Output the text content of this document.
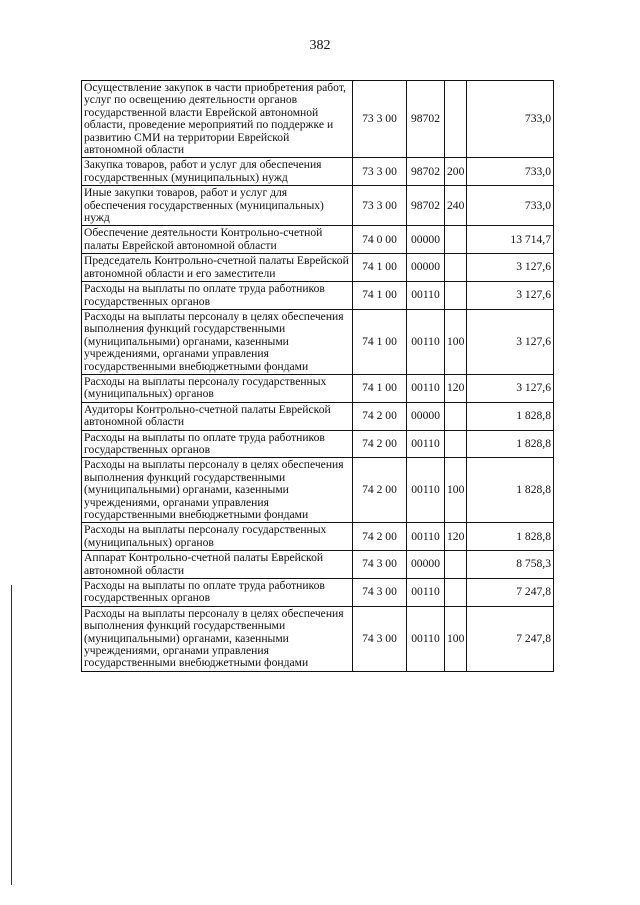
382
Осуществление закупок в части приобретения работ, услуг по освещению деятельности органов государственной власти Еврейской автономной области, проведение мероприятий по поддержке и развитию СМИ на территории Еврейской автономной области	73 3 00	98702		733,0
Закупка товаров, работ и услуг для обеспечения государственных (муниципальных) нужд	73 3 00	98702	200	733,0
Иные закупки товаров, работ и услуг для обеспечения государственных (муниципальных) нужд	73 3 00	98702	240	733,0
Обеспечение деятельности Контрольно-счетной палаты Еврейской автономной области	74 0 00	00000		13 714,7
Председатель Контрольно-счетной палаты Еврейской автономной области и его заместители	74 1 00	00000		3 127,6
Расходы на выплаты по оплате труда работников государственных органов	74 1 00	00110		3 127,6
Расходы на выплаты персоналу в целях обеспечения выполнения функций государственными (муниципальными) органами, казенными учреждениями, органами управления государственными внебюджетными фондами	74 1 00	00110	100	3 127,6
Расходы на выплаты персоналу государственных (муниципальных) органов	74 1 00	00110	120	3 127,6
Аудиторы Контрольно-счетной палаты Еврейской автономной области	74 2 00	00000		1 828,8
Расходы на выплаты по оплате труда работников государственных органов	74 2 00	00110		1 828,8
Расходы на выплаты персоналу в целях обеспечения выполнения функций государственными (муниципальными) органами, казенными учреждениями, органами управления государственными внебюджетными фондами	74 2 00	00110	100	1 828,8
Расходы на выплаты персоналу государственных (муниципальных) органов	74 2 00	00110	120	1 828,8
Аппарат Контрольно-счетной палаты Еврейской автономной области	74 3 00	00000		8 758,3
Расходы на выплаты по оплате труда работников государственных органов	74 3 00	00110		7 247,8
Расходы на выплаты персоналу в целях обеспечения выполнения функций государственными (муниципальными) органами, казенными учреждениями, органами управления государственными внебюджетными фондами	74 3 00	00110	100	7 247,8
